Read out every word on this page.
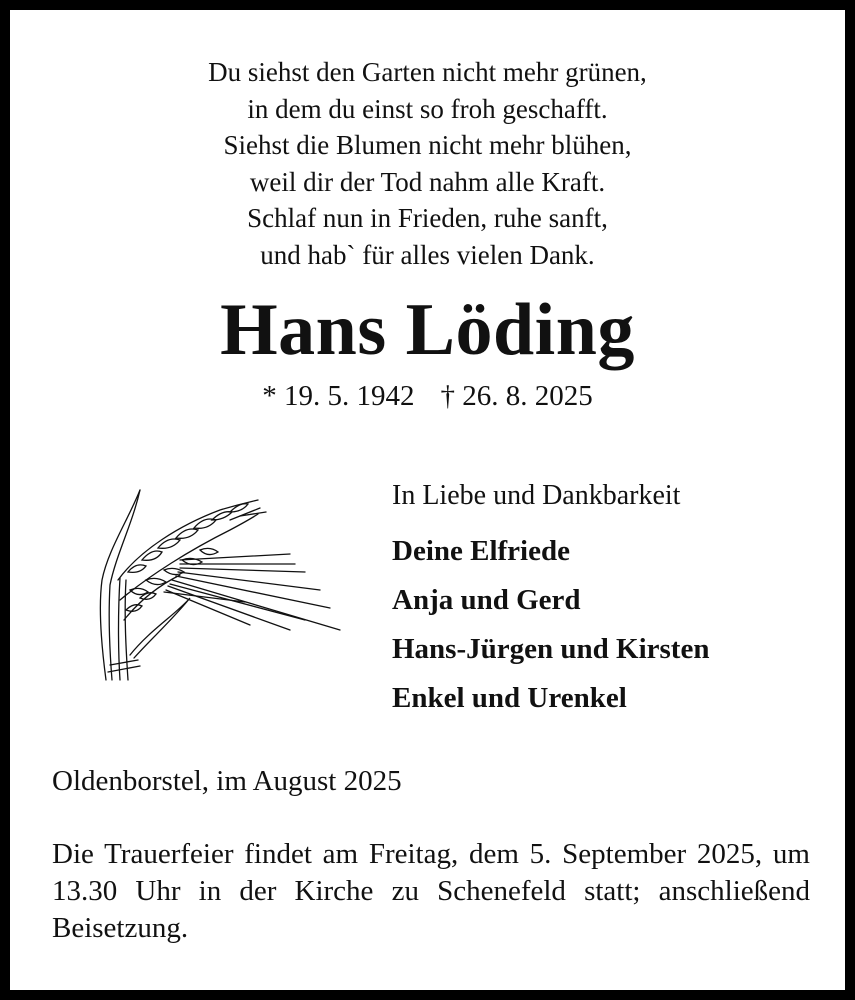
Du siehst den Garten nicht mehr grünen,
in dem du einst so froh geschafft.
Siehst die Blumen nicht mehr blühen,
weil dir der Tod nahm alle Kraft.
Schlaf nun in Frieden, ruhe sanft,
und hab` für alles vielen Dank.
Hans Löding
* 19. 5. 1942 † 26. 8. 2025
In Liebe und Dankbarkeit
Deine Elfriede
Anja und Gerd
Hans-Jürgen und Kirsten
Enkel und Urenkel
Oldenborstel, im August 2025
Die Trauerfeier findet am Freitag, dem 5. September 2025, um 13.30 Uhr in der Kirche zu Schenefeld statt; anschließend Beisetzung.
